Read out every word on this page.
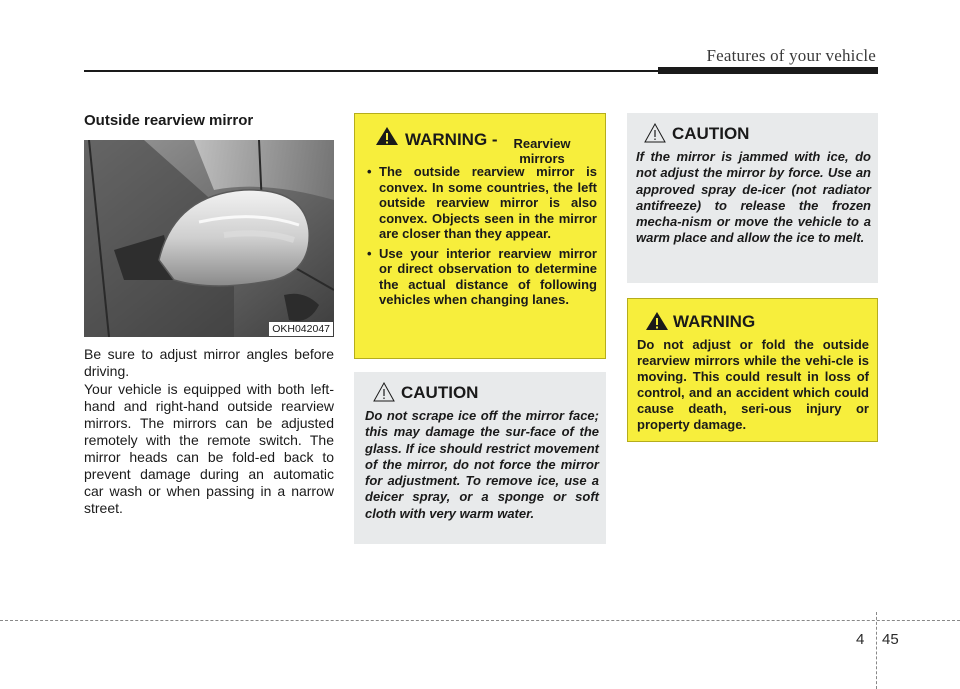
Features of your vehicle
Outside rearview mirror
OKH042047

Be sure to adjust mirror angles before driving.

Your vehicle is equipped with both left-hand and right-hand outside rearview mirrors. The mirrors can be adjusted remotely with the remote switch. The mirror heads can be fold-ed back to prevent damage during an automatic car wash or when passing in a narrow street.

WARNING - Rearview mirrors
• The outside rearview mirror is convex. In some countries, the left outside rearview mirror is also convex. Objects seen in the mirror are closer than they appear.
• Use your interior rearview mirror or direct observation to determine the actual distance of following vehicles when changing lanes.
CAUTION

Do not scrape ice off the mirror face; this may damage the sur-face of the glass. If ice should restrict movement of the mirror, do not force the mirror for adjustment. To remove ice, use a deicer spray, or a sponge or soft cloth with very warm water.

CAUTION

If the mirror is jammed with ice, do not adjust the mirror by force. Use an approved spray de-icer (not radiator antifreeze) to release the frozen mecha-nism or move the vehicle to a warm place and allow the ice to melt.

WARNING

Do not adjust or fold the outside rearview mirrors while the vehi-cle is moving. This could result in loss of control, and an accident which could cause death, seri-ous injury or property damage.

4 45
